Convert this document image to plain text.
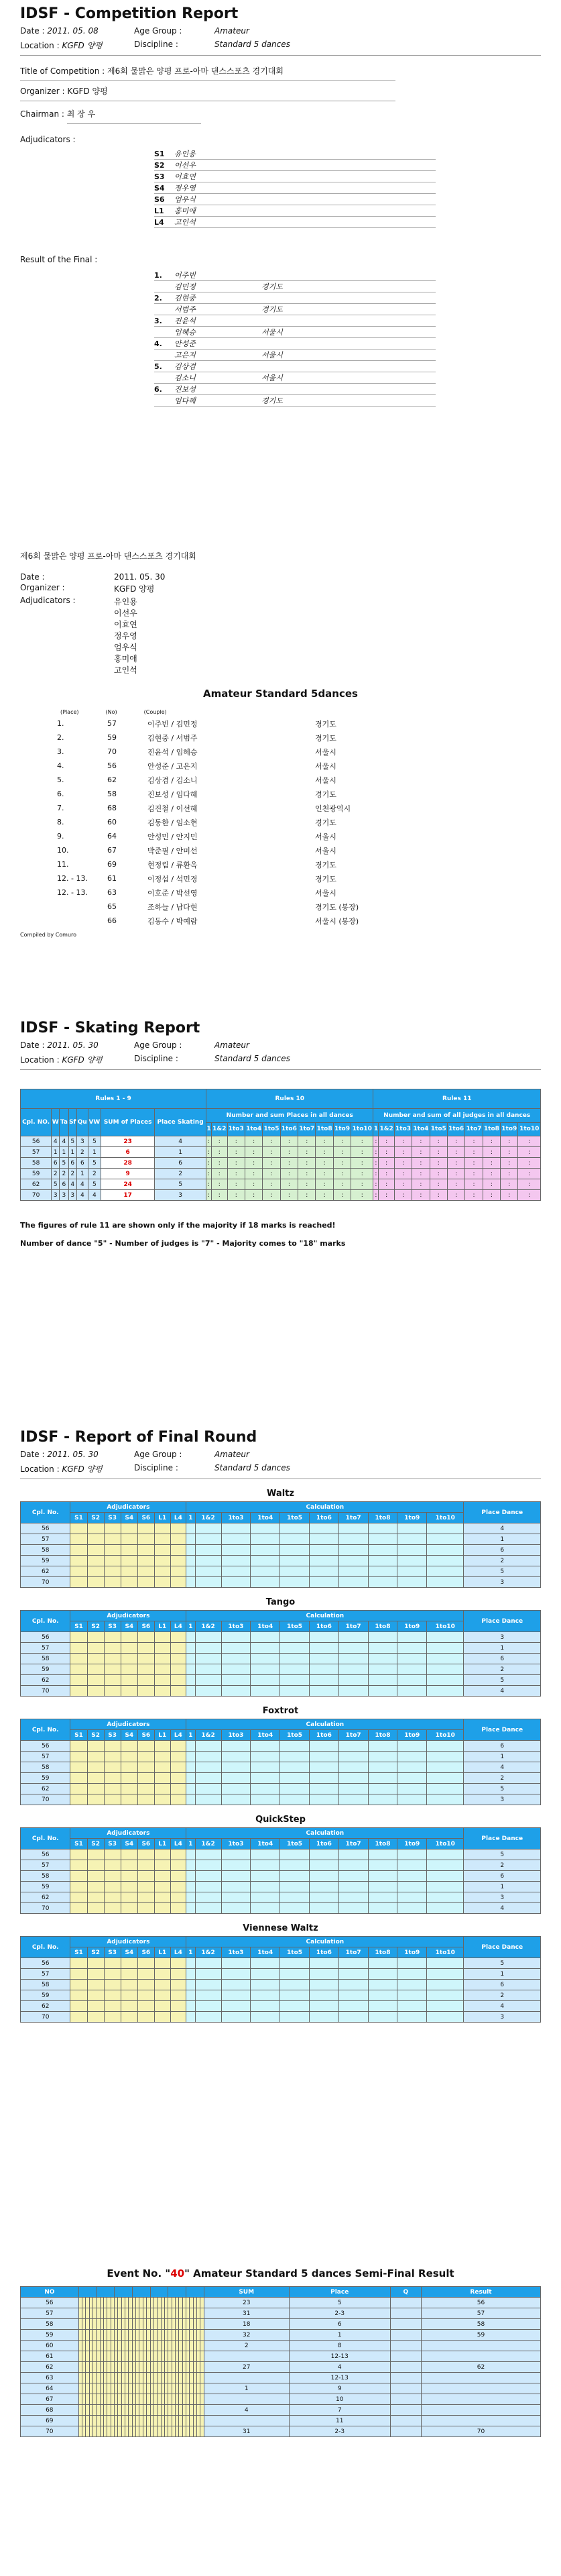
IDSF - Competition Report
Date : 2011. 05. 08	Age Group :	Amateur
Location : KGFD 양평	Discipline :	Standard 5 dances
Title of Competition : 제6회 물맑은 양평 프로-아마 댄스스포츠 경기대회
Organizer : KGFD 양평
Chairman : 최 장 우
Adjudicators :
S1	유인용
S2	이선우
S3	이효연
S4	정우영
S6	엄우식
L1	홍미애
L4	고인석
Result of the Final :
1.	이주빈
김민정	경기도
2.	김현중
서범주	경기도
3.	진윤석
임혜승	서울시
4.	안성준
고은지	서울시
5.	김상겸
김소니	서울시
6.	진보성
임다혜	경기도
제6회 물맑은 양평 프로-아마 댄스스포츠 경기대회
Date :	2011. 05. 30
Organizer :	KGFD 양평
Adjudicators :	유인용
이선우
이효연
정우영
엄우식
홍미애
고인석
Amateur Standard 5dances
(Place)	(No)	(Couple)
1.	57	이주빈 / 김민정	경기도
2.	59	김현중 / 서범주	경기도
3.	70	진윤석 / 임혜승	서울시
4.	56	안성준 / 고은지	서울시
5.	62	김상겸 / 김소니	서울시
6.	58	진보성 / 임다혜	경기도
7.	68	김진철 / 이선혜	인천광역시
8.	60	김동한 / 임소현	경기도
9.	64	안성민 / 안지민	서울시
10.	67	박준필 / 안미선	서울시
11.	69	현정림 / 류환옥	경기도
12. - 13.	61	이정섭 / 석민경	경기도
12. - 13.	63	이호준 / 박선영	서울시
65	조하늘 / 남다현	경기도 (봉장)
66	김동수 / 박예람	서울시 (봉장)
Compiled by Comuro
IDSF - Skating Report
Date : 2011. 05. 30	Age Group :	Amateur
Location : KGFD 양평	Discipline :	Standard 5 dances
Rules 1 - 9								Rules 10										Rules 11									
Cpl. NO.	W	Ta	Sf	Qu	VW	SUM of Places	Place Skating	Number and sum Places in all dances										Number and sum of all judges in all dances									
								1	1&2	1to3	1to4	1to5	1to6	1to7	1to8	1to9	1to10	1	1&2	1to3	1to4	1to5	1to6	1to7	1to8	1to9	1to10
56	4	4	5	3	5	23	4	:	:	:	:	:	:	:	:	:	:	:	:	:	:	:	:	:	:	:	:
57	1	1	1	2	1	6	1	:	:	:	:	:	:	:	:	:	:	:	:	:	:	:	:	:	:	:	:
58	6	5	6	6	5	28	6	:	:	:	:	:	:	:	:	:	:	:	:	:	:	:	:	:	:	:	:
59	2	2	2	1	2	9	2	:	:	:	:	:	:	:	:	:	:	:	:	:	:	:	:	:	:	:	:
62	5	6	4	4	5	24	5	:	:	:	:	:	:	:	:	:	:	:	:	:	:	:	:	:	:	:	:
70	3	3	3	4	4	17	3	:	:	:	:	:	:	:	:	:	:	:	:	:	:	:	:	:	:	:	:
The figures of rule 11 are shown only if the majority if 18 marks is reached!
Number of dance "5" - Number of judges is "7" - Majority comes to "18" marks
IDSF - Report of Final Round
Date : 2011. 05. 30	Age Group :	Amateur
Location : KGFD 양평	Discipline :	Standard 5 dances
Waltz
Cpl. No.	Adjudicators							Calculation										Place Dance
	S1	S2	S3	S4	S6	L1	L4	1	1&2	1to3	1to4	1to5	1to6	1to7	1to8	1to9	1to10	
56																		4
57																		1
58																		6
59																		2
62																		5
70																		3
Tango
Cpl. No.	Adjudicators							Calculation										Place Dance
	S1	S2	S3	S4	S6	L1	L4	1	1&2	1to3	1to4	1to5	1to6	1to7	1to8	1to9	1to10	
56																		3
57																		1
58																		6
59																		2
62																		5
70																		4
Foxtrot
Cpl. No.	Adjudicators							Calculation										Place Dance
	S1	S2	S3	S4	S6	L1	L4	1	1&2	1to3	1to4	1to5	1to6	1to7	1to8	1to9	1to10	
56																		6
57																		1
58																		4
59																		2
62																		5
70																		3
QuickStep
Cpl. No.	Adjudicators							Calculation										Place Dance
	S1	S2	S3	S4	S6	L1	L4	1	1&2	1to3	1to4	1to5	1to6	1to7	1to8	1to9	1to10	
56																		5
57																		2
58																		6
59																		1
62																		3
70																		4
Viennese Waltz
Cpl. No.	Adjudicators							Calculation										Place Dance
	S1	S2	S3	S4	S6	L1	L4	1	1&2	1to3	1to4	1to5	1to6	1to7	1to8	1to9	1to10	
56																		5
57																		1
58																		6
59																		2
62																		4
70																		3
Event No. "40" Amateur Standard 5 dances Semi-Final Result
NO																																				SUM	Place	Q	Result
56																																				23	5		56
57																																				31	2-3		57
58																																				18	6		58
59																																				32	1		59
60																																				2	8		
61																																					12-13		
62																																				27	4		62
63																																					12-13		
64																																				1	9		
67																																					10		
68																																				4	7		
69																																					11		
70																																				31	2-3		70
